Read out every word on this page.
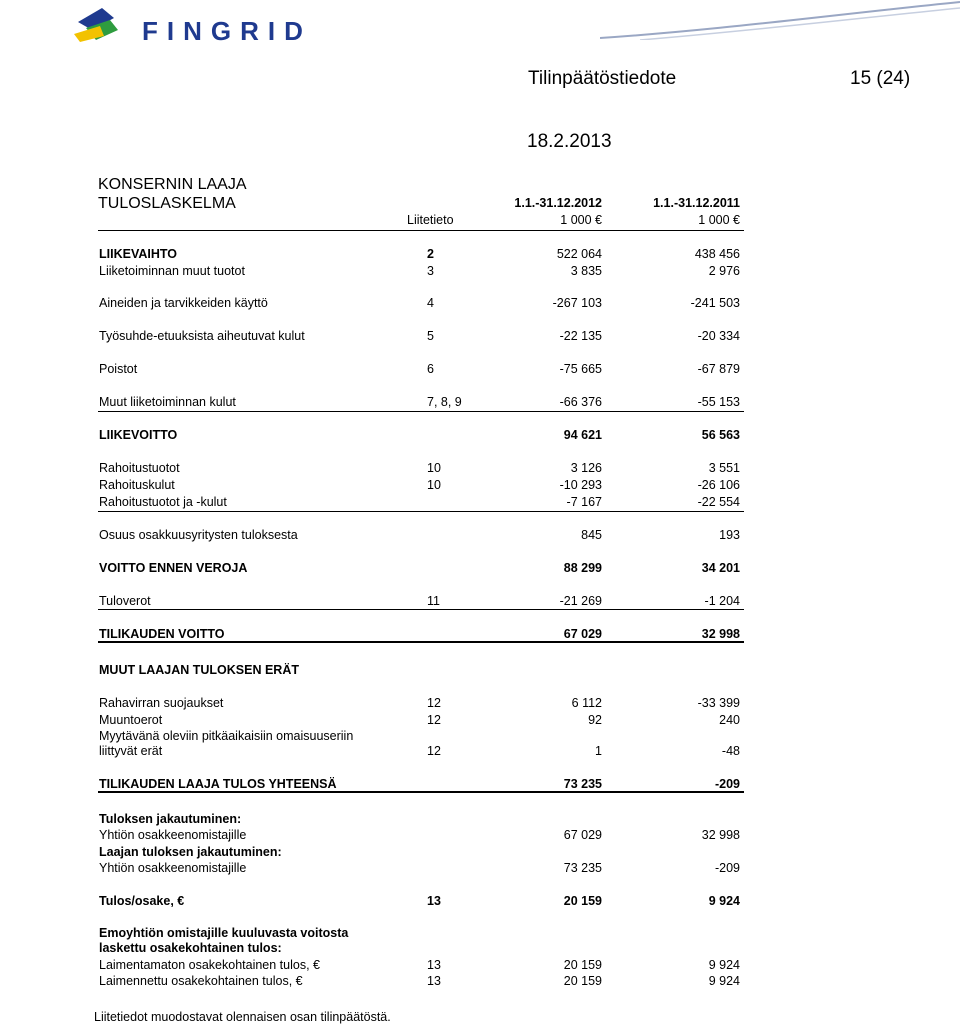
FINGRID
Tilinpäätöstiedote	15 (24)
18.2.2013
KONSERNIN LAAJA
TULOSLASKELMA	1.1.-31.12.2012	1.1.-31.12.2011
Liitetieto	1 000 €	1 000 €
LIIKEVAIHTO	2	522 064	438 456
Liiketoiminnan muut tuotot	3	3 835	2 976
Aineiden ja tarvikkeiden käyttö	4	-267 103	-241 503
Työsuhde-etuuksista aiheutuvat kulut	5	-22 135	-20 334
Poistot	6	-75 665	-67 879
Muut liiketoiminnan kulut	7, 8, 9	-66 376	-55 153
LIIKEVOITTO	94 621	56 563
Rahoitustuotot	10	3 126	3 551
Rahoituskulut	10	-10 293	-26 106
Rahoitustuotot ja -kulut	-7 167	-22 554
Osuus osakkuusyritysten tuloksesta	845	193
VOITTO ENNEN VEROJA	88 299	34 201
Tuloverot	11	-21 269	-1 204
TILIKAUDEN VOITTO	67 029	32 998
MUUT LAAJAN TULOKSEN ERÄT
Rahavirran suojaukset	12	6 112	-33 399
Muuntoerot	12	92	240
Myytävänä oleviin pitkäaikaisiin omaisuuseriin
liittyvät erät	12	1	-48
TILIKAUDEN LAAJA TULOS YHTEENSÄ	73 235	-209
Tuloksen jakautuminen:
Yhtiön osakkeenomistajille	67 029	32 998
Laajan tuloksen jakautuminen:
Yhtiön osakkeenomistajille	73 235	-209
Tulos/osake, €	13	20 159	9 924
Emoyhtiön omistajille kuuluvasta voitosta
laskettu osakekohtainen tulos:
Laimentamaton osakekohtainen tulos, €	13	20 159	9 924
Laimennettu osakekohtainen tulos, €	13	20 159	9 924
Liitetiedot muodostavat olennaisen osan tilinpäätöstä.
